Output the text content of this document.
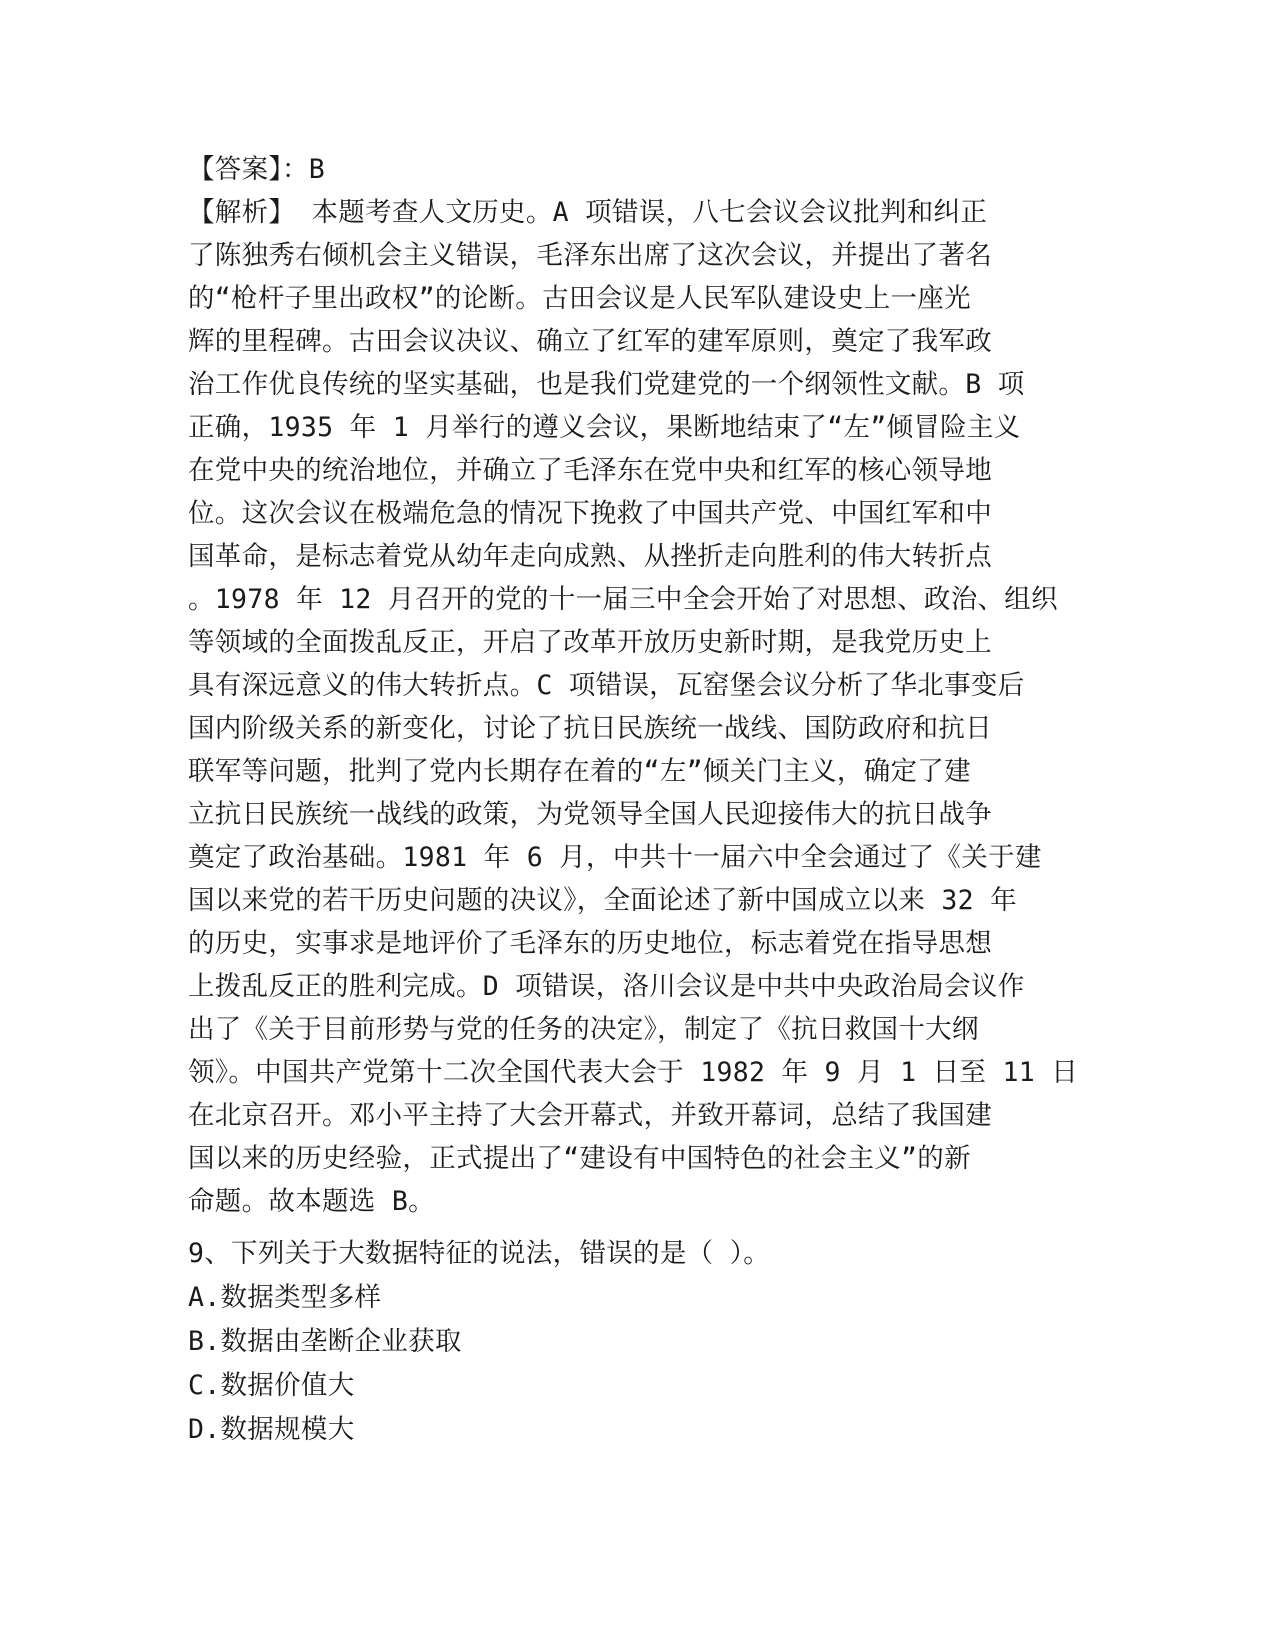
【答案】：B
【解析】 本题考查人文历史。A 项错误，八七会议会议批判和纠正
了陈独秀右倾机会主义错误，毛泽东出席了这次会议，并提出了著名
的“枪杆子里出政权”的论断。古田会议是人民军队建设史上一座光
辉的里程碑。古田会议决议、确立了红军的建军原则，奠定了我军政
治工作优良传统的坚实基础，也是我们党建党的一个纲领性文献。B 项
正确，1935 年 1 月举行的遵义会议，果断地结束了“左”倾冒险主义
在党中央的统治地位，并确立了毛泽东在党中央和红军的核心领导地
位。这次会议在极端危急的情况下挽救了中国共产党、中国红军和中
国革命，是标志着党从幼年走向成熟、从挫折走向胜利的伟大转折点
。1978 年 12 月召开的党的十一届三中全会开始了对思想、政治、组织
等领域的全面拨乱反正，开启了改革开放历史新时期，是我党历史上
具有深远意义的伟大转折点。C 项错误，瓦窑堡会议分析了华北事变后
国内阶级关系的新变化，讨论了抗日民族统一战线、国防政府和抗日
联军等问题，批判了党内长期存在着的“左”倾关门主义，确定了建
立抗日民族统一战线的政策，为党领导全国人民迎接伟大的抗日战争
奠定了政治基础。1981 年 6 月，中共十一届六中全会通过了《关于建
国以来党的若干历史问题的决议》，全面论述了新中国成立以来 32 年
的历史，实事求是地评价了毛泽东的历史地位，标志着党在指导思想
上拨乱反正的胜利完成。D 项错误，洛川会议是中共中央政治局会议作
出了《关于目前形势与党的任务的决定》，制定了《抗日救国十大纲
领》。中国共产党第十二次全国代表大会于 1982 年 9 月 1 日至 11 日
在北京召开。邓小平主持了大会开幕式，并致开幕词，总结了我国建
国以来的历史经验，正式提出了“建设有中国特色的社会主义”的新
命题。故本题选 B。
9、下列关于大数据特征的说法，错误的是（ ）。
A.数据类型多样
B.数据由垄断企业获取
C.数据价值大
D.数据规模大
